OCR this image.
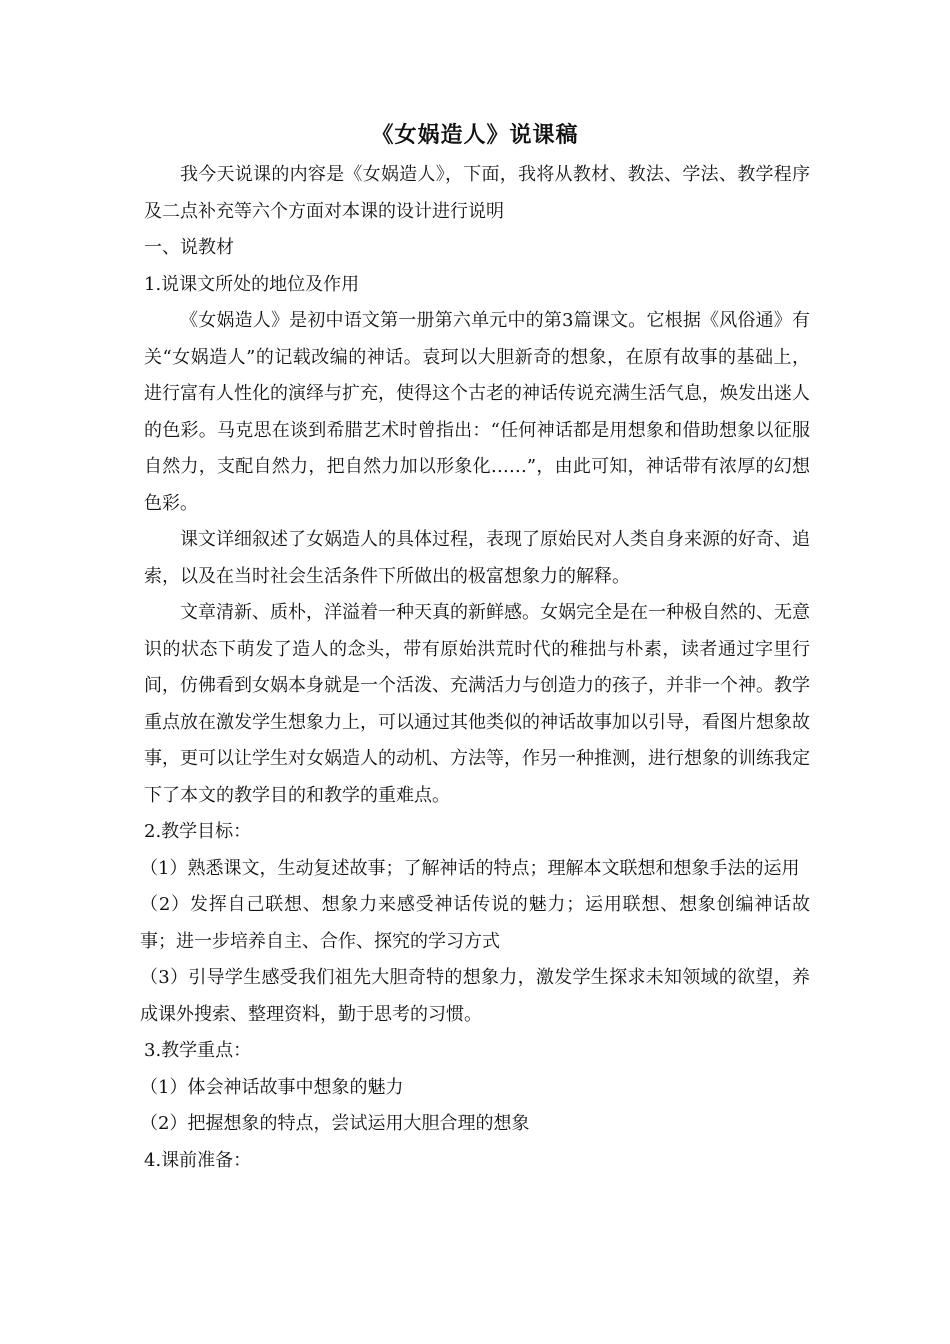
《女娲造人》说课稿

我今天说课的内容是《女娲造人》，下面，我将从教材、教法、学法、教学程序及二点补充等六个方面对本课的设计进行说明

一、说教材

1.说课文所处的地位及作用

《女娲造人》是初中语文第一册第六单元中的第3篇课文。它根据《风俗通》有关“女娲造人”的记载改编的神话。袁珂以大胆新奇的想象，在原有故事的基础上，进行富有人性化的演绎与扩充，使得这个古老的神话传说充满生活气息，焕发出迷人的色彩。马克思在谈到希腊艺术时曾指出：“任何神话都是用想象和借助想象以征服自然力，支配自然力，把自然力加以形象化……”，由此可知，神话带有浓厚的幻想色彩。

课文详细叙述了女娲造人的具体过程，表现了原始民对人类自身来源的好奇、追索，以及在当时社会生活条件下所做出的极富想象力的解释。

文章清新、质朴，洋溢着一种天真的新鲜感。女娲完全是在一种极自然的、无意识的状态下萌发了造人的念头，带有原始洪荒时代的稚拙与朴素，读者通过字里行间，仿佛看到女娲本身就是一个活泼、充满活力与创造力的孩子，并非一个神。教学重点放在激发学生想象力上，可以通过其他类似的神话故事加以引导，看图片想象故事，更可以让学生对女娲造人的动机、方法等，作另一种推测，进行想象的训练我定下了本文的教学目的和教学的重难点。

2.教学目标：

（1）熟悉课文，生动复述故事；了解神话的特点；理解本文联想和想象手法的运用

（2）发挥自己联想、想象力来感受神话传说的魅力；运用联想、想象创编神话故事；进一步培养自主、合作、探究的学习方式

（3）引导学生感受我们祖先大胆奇特的想象力，激发学生探求未知领域的欲望，养成课外搜索、整理资料，勤于思考的习惯。

3.教学重点：

（1）体会神话故事中想象的魅力

（2）把握想象的特点，尝试运用大胆合理的想象

4.课前准备：
